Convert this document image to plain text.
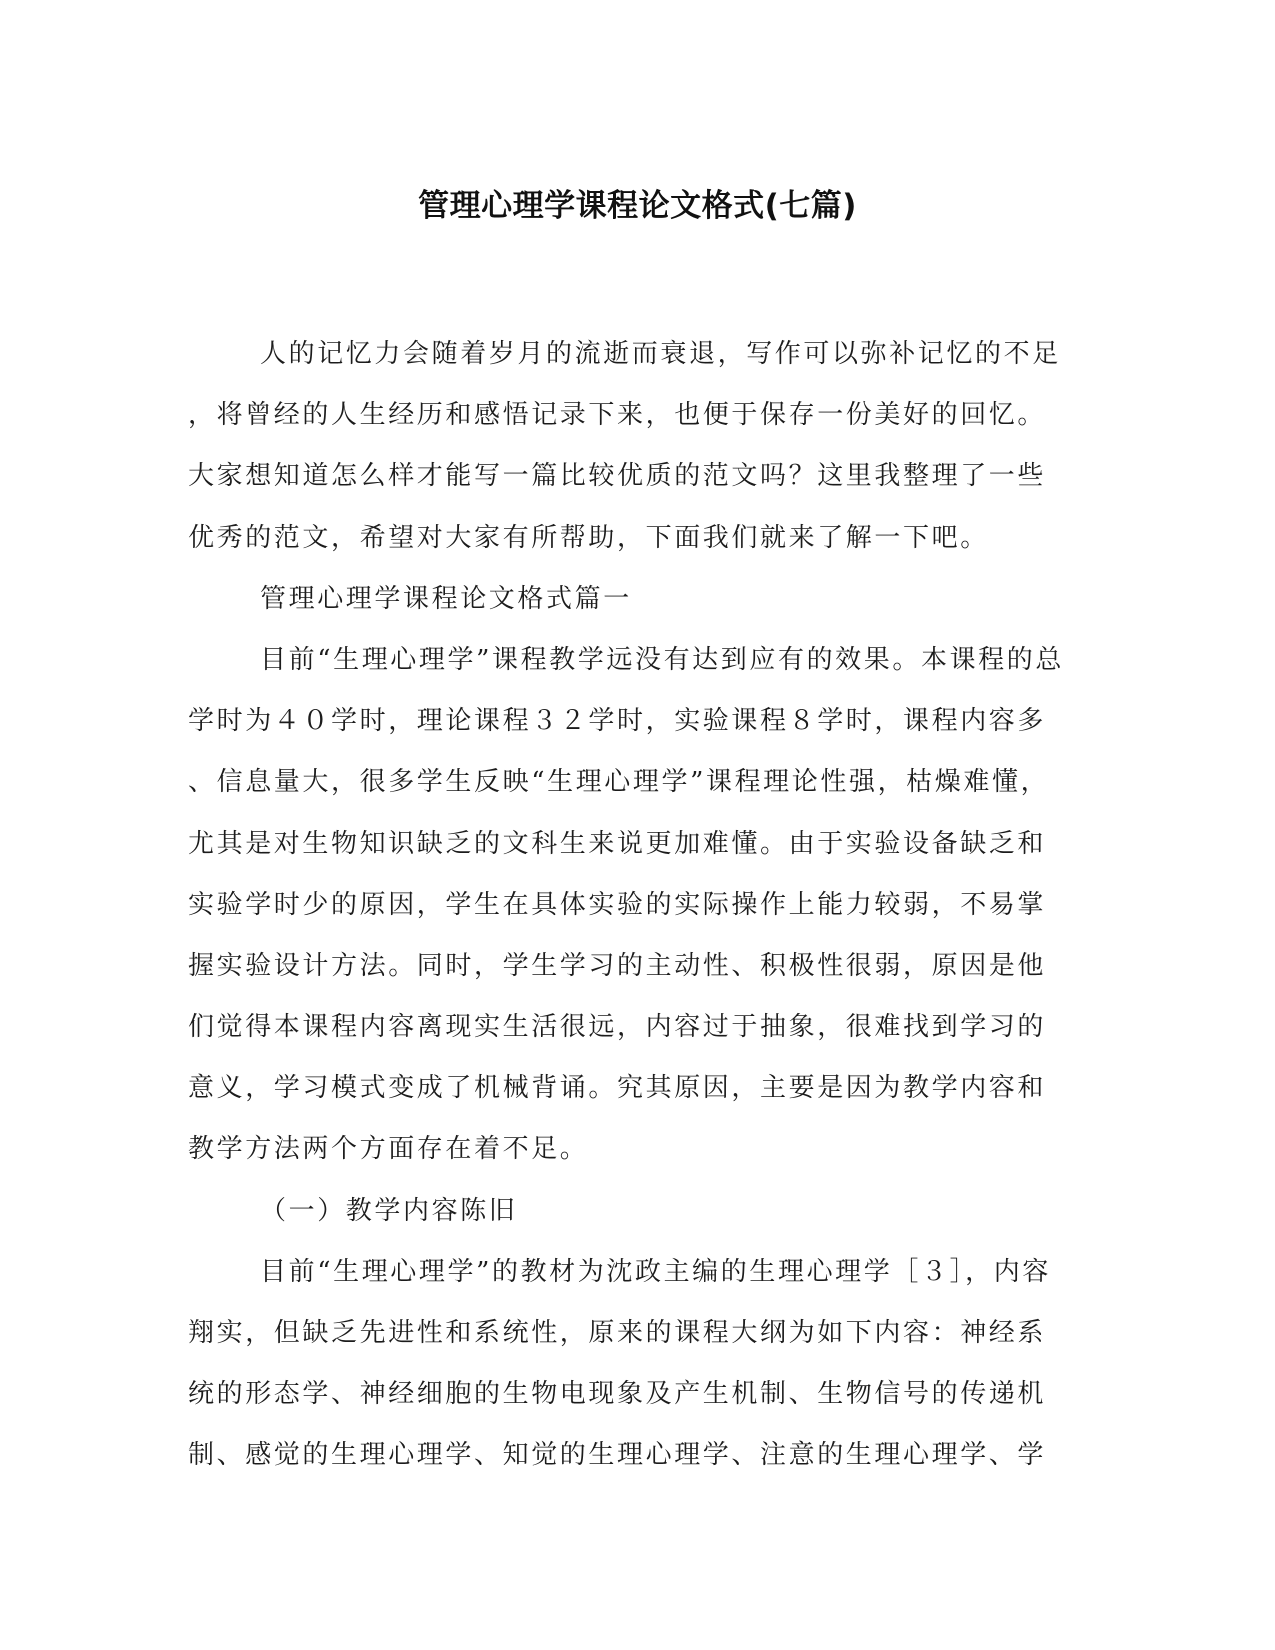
管理心理学课程论文格式(七篇)
人的记忆力会随着岁月的流逝而衰退，写作可以弥补记忆的不足
，将曾经的人生经历和感悟记录下来，也便于保存一份美好的回忆。
大家想知道怎么样才能写一篇比较优质的范文吗？这里我整理了一些
优秀的范文，希望对大家有所帮助，下面我们就来了解一下吧。
管理心理学课程论文格式篇一
目前“生理心理学”课程教学远没有达到应有的效果。本课程的总
学时为４０学时，理论课程３２学时，实验课程８学时，课程内容多
、信息量大，很多学生反映“生理心理学”课程理论性强，枯燥难懂，
尤其是对生物知识缺乏的文科生来说更加难懂。由于实验设备缺乏和
实验学时少的原因，学生在具体实验的实际操作上能力较弱，不易掌
握实验设计方法。同时，学生学习的主动性、积极性很弱，原因是他
们觉得本课程内容离现实生活很远，内容过于抽象，很难找到学习的
意义，学习模式变成了机械背诵。究其原因，主要是因为教学内容和
教学方法两个方面存在着不足。
（一）教学内容陈旧
目前“生理心理学”的教材为沈政主编的生理心理学［３］，内容
翔实，但缺乏先进性和系统性，原来的课程大纲为如下内容：神经系
统的形态学、神经细胞的生物电现象及产生机制、生物信号的传递机
制、感觉的生理心理学、知觉的生理心理学、注意的生理心理学、学
